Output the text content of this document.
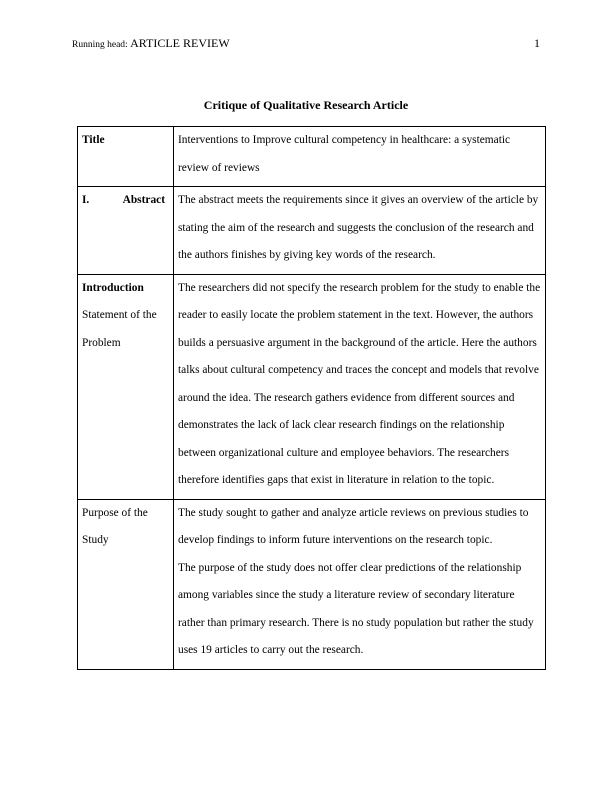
Running head: ARTICLE REVIEW	1
Critique of Qualitative Research Article
Title	Interventions to Improve cultural competency in healthcare: a systematic review of reviews

I. Abstract	The abstract meets the requirements since it gives an overview of the article by stating the aim of the research and suggests the conclusion of the research and the authors finishes by giving key words of the research.

Introduction
Statement of the Problem	The researchers did not specify the research problem for the study to enable the reader to easily locate the problem statement in the text. However, the authors builds a persuasive argument in the background of the article. Here the authors talks about cultural competency and traces the concept and models that revolve around the idea. The research gathers evidence from different sources and demonstrates the lack of lack clear research findings on the relationship between organizational culture and employee behaviors. The researchers therefore identifies gaps that exist in literature in relation to the topic.
Purpose of the Study	The study sought to gather and analyze article reviews on previous studies to develop findings to inform future interventions on the research topic.
The purpose of the study does not offer clear predictions of the relationship among variables since the study a literature review of secondary literature rather than primary research. There is no study population but rather the study uses 19 articles to carry out the research.
